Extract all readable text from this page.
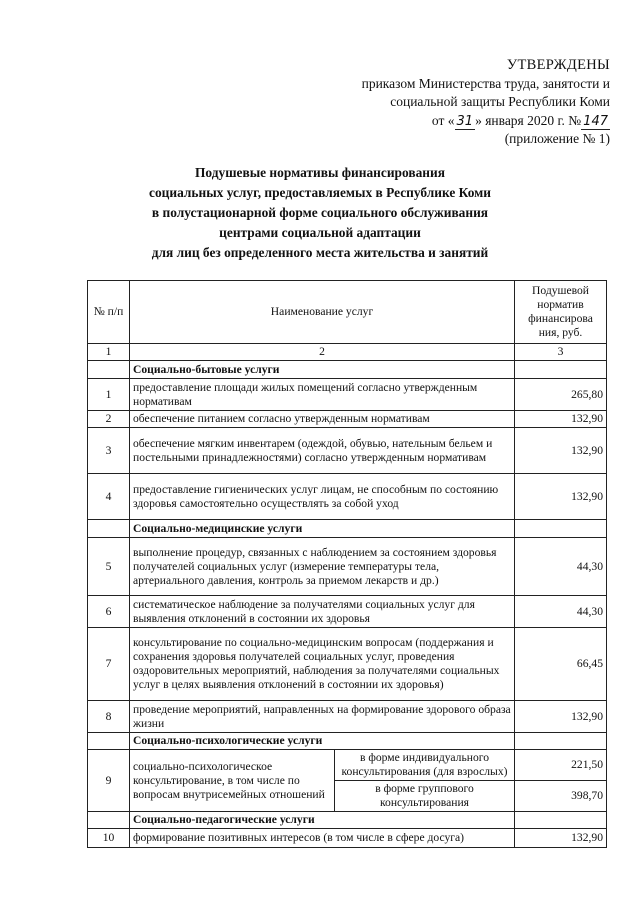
УТВЕРЖДЕНЫ
приказом Министерства труда, занятости и
социальной защиты Республики Коми
от « 31 » января 2020 г. № 147
(приложение № 1)
Подушевые нормативы финансирования
социальных услуг, предоставляемых в Республике Коми
в полустационарной форме социального обслуживания
центрами социальной адаптации
для лиц без определенного места жительства и занятий
№ п/п	Наименование услуг		Подушевой норматив финансирова ния, руб.
1	2		3
	Социально-бытовые услуги		
1	предоставление площади жилых помещений согласно утвержденным нормативам		265,80
2	обеспечение питанием согласно утвержденным нормативам		132,90
3	обеспечение мягким инвентарем (одеждой, обувью, нательным бельем и постельными принадлежностями) согласно утвержденным нормативам		132,90
4	предоставление гигиенических услуг лицам, не способным по состоянию здоровья самостоятельно осуществлять за собой уход		132,90
	Социально-медицинские услуги		
5	выполнение процедур, связанных с наблюдением за состоянием здоровья получателей социальных услуг (измерение температуры тела, артериального давления, контроль за приемом лекарств и др.)		44,30
6	систематическое наблюдение за получателями социальных услуг для выявления отклонений в состоянии их здоровья		44,30
7	консультирование по социально-медицинским вопросам (поддержания и сохранения здоровья получателей социальных услуг, проведения оздоровительных мероприятий, наблюдения за получателями социальных услуг в целях выявления отклонений в состоянии их здоровья)		66,45
8	проведение мероприятий, направленных на формирование здорового образа жизни		132,90
	Социально-психологические услуги		
9	социально-психологическое консультирование, в том числе по вопросам внутрисемейных отношений	в форме индивидуального консультирования (для взрослых)	221,50
		в форме группового консультирования	398,70
	Социально-педагогические услуги		
10	формирование позитивных интересов (в том числе в сфере досуга)		132,90
